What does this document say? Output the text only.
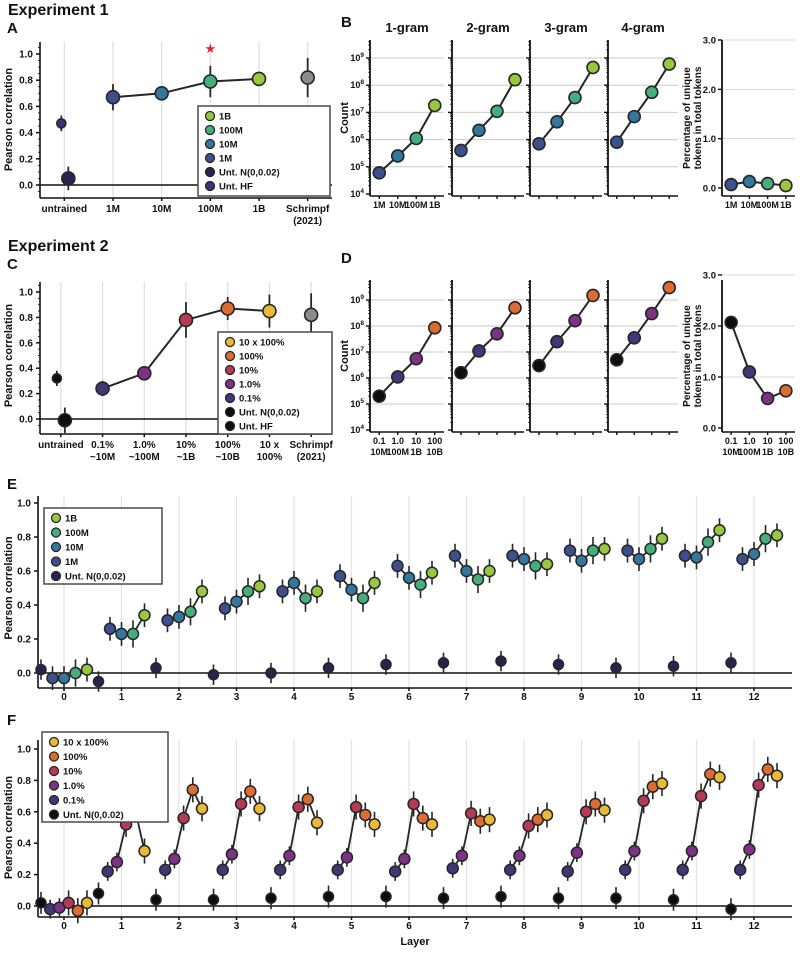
Experiment 1
A	B
Experiment 2
C	D
E
F
0.0
0.2
0.4
0.6
0.8
1.0
Pearson correlation
untrained 1M	10M	100M	1B Schrimpf
(2021)
★
1B
100M
10M
1M
Unt. N(0,0.02)
Unt. HF
$10^4$
$10^5$
$10^6$
$10^7$
$10^8$
$10^9$
1-gram
1M 10M
100M 1B
2-gram	3-gram	4-gram
Count
0.0
1.0
2.0
3.0
Percentage of unique tokens in total tokens
1M 10M
100M 1B
0.0
0.2
0.4
0.6
0.8
1.0
Pearson correlation
untrained 0.1%
~10M
1.0%
~100M
10%
~1B
100%
~10B
10 x
100%
Schrimpf
(2021)
10 x 100%
100%
10%
1.0%
0.1%
Unt. N(0,0.02)
Unt. HF	$10^4$
$10^5$
$10^6$
$10^7$
$10^8$
$10^9$
0.1
10M
1.0
100M
10
1B
100
10B
Count
0.0
1.0
2.0
3.0
Percentage of unique tokens in total tokens
0.1
10M
1.0
100M
10
1B
100
10B
0.0
0.2
0.4
0.6
0.8
1.0
Pearson correlation
0	1	2	3	4	5	6	7	8	9	10	11	12
1B
100M
10M
1M
Unt. N(0,0.02)
0.0
0.2
0.4
0.6
0.8
1.0
Pearson correlation
0	1	2	3	4	5	6	7	8	9	10	11	12
Layer
10 x 100%
100%
10%
1.0%
0.1%
Unt. N(0,0.02)
